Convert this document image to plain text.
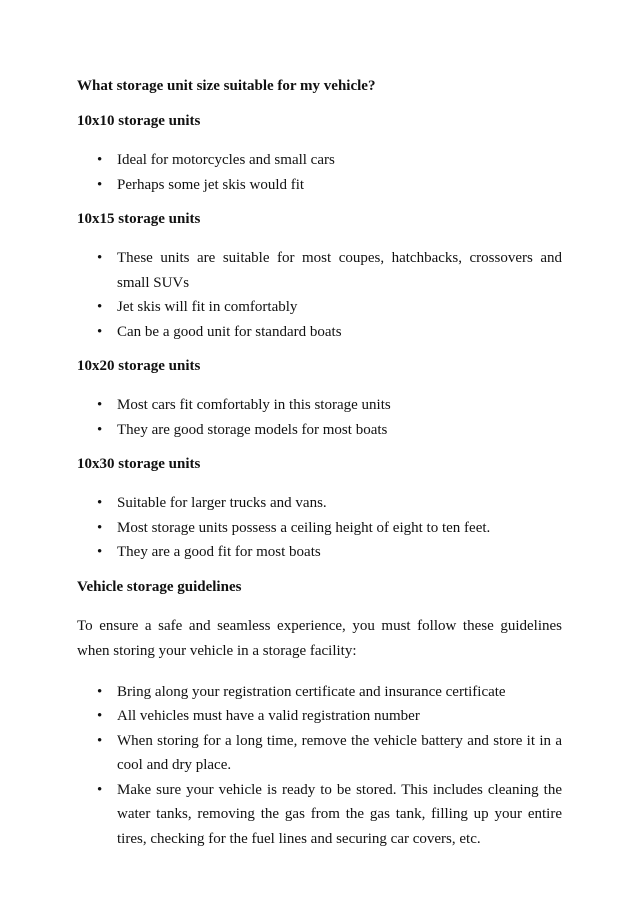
What storage unit size suitable for my vehicle?
10x10 storage units
• Ideal for motorcycles and small cars
• Perhaps some jet skis would fit
10x15 storage units
• These units are suitable for most coupes, hatchbacks, crossovers and small SUVs
• Jet skis will fit in comfortably
• Can be a good unit for standard boats
10x20 storage units
• Most cars fit comfortably in this storage units
• They are good storage models for most boats
10x30 storage units
• Suitable for larger trucks and vans.
• Most storage units possess a ceiling height of eight to ten feet.
• They are a good fit for most boats
Vehicle storage guidelines

To ensure a safe and seamless experience, you must follow these guidelines when storing your vehicle in a storage facility:

• Bring along your registration certificate and insurance certificate
• All vehicles must have a valid registration number
• When storing for a long time, remove the vehicle battery and store it in a cool and dry place.
• Make sure your vehicle is ready to be stored. This includes cleaning the water tanks, removing the gas from the gas tank, filling up your entire tires, checking for the fuel lines and securing car covers, etc.
